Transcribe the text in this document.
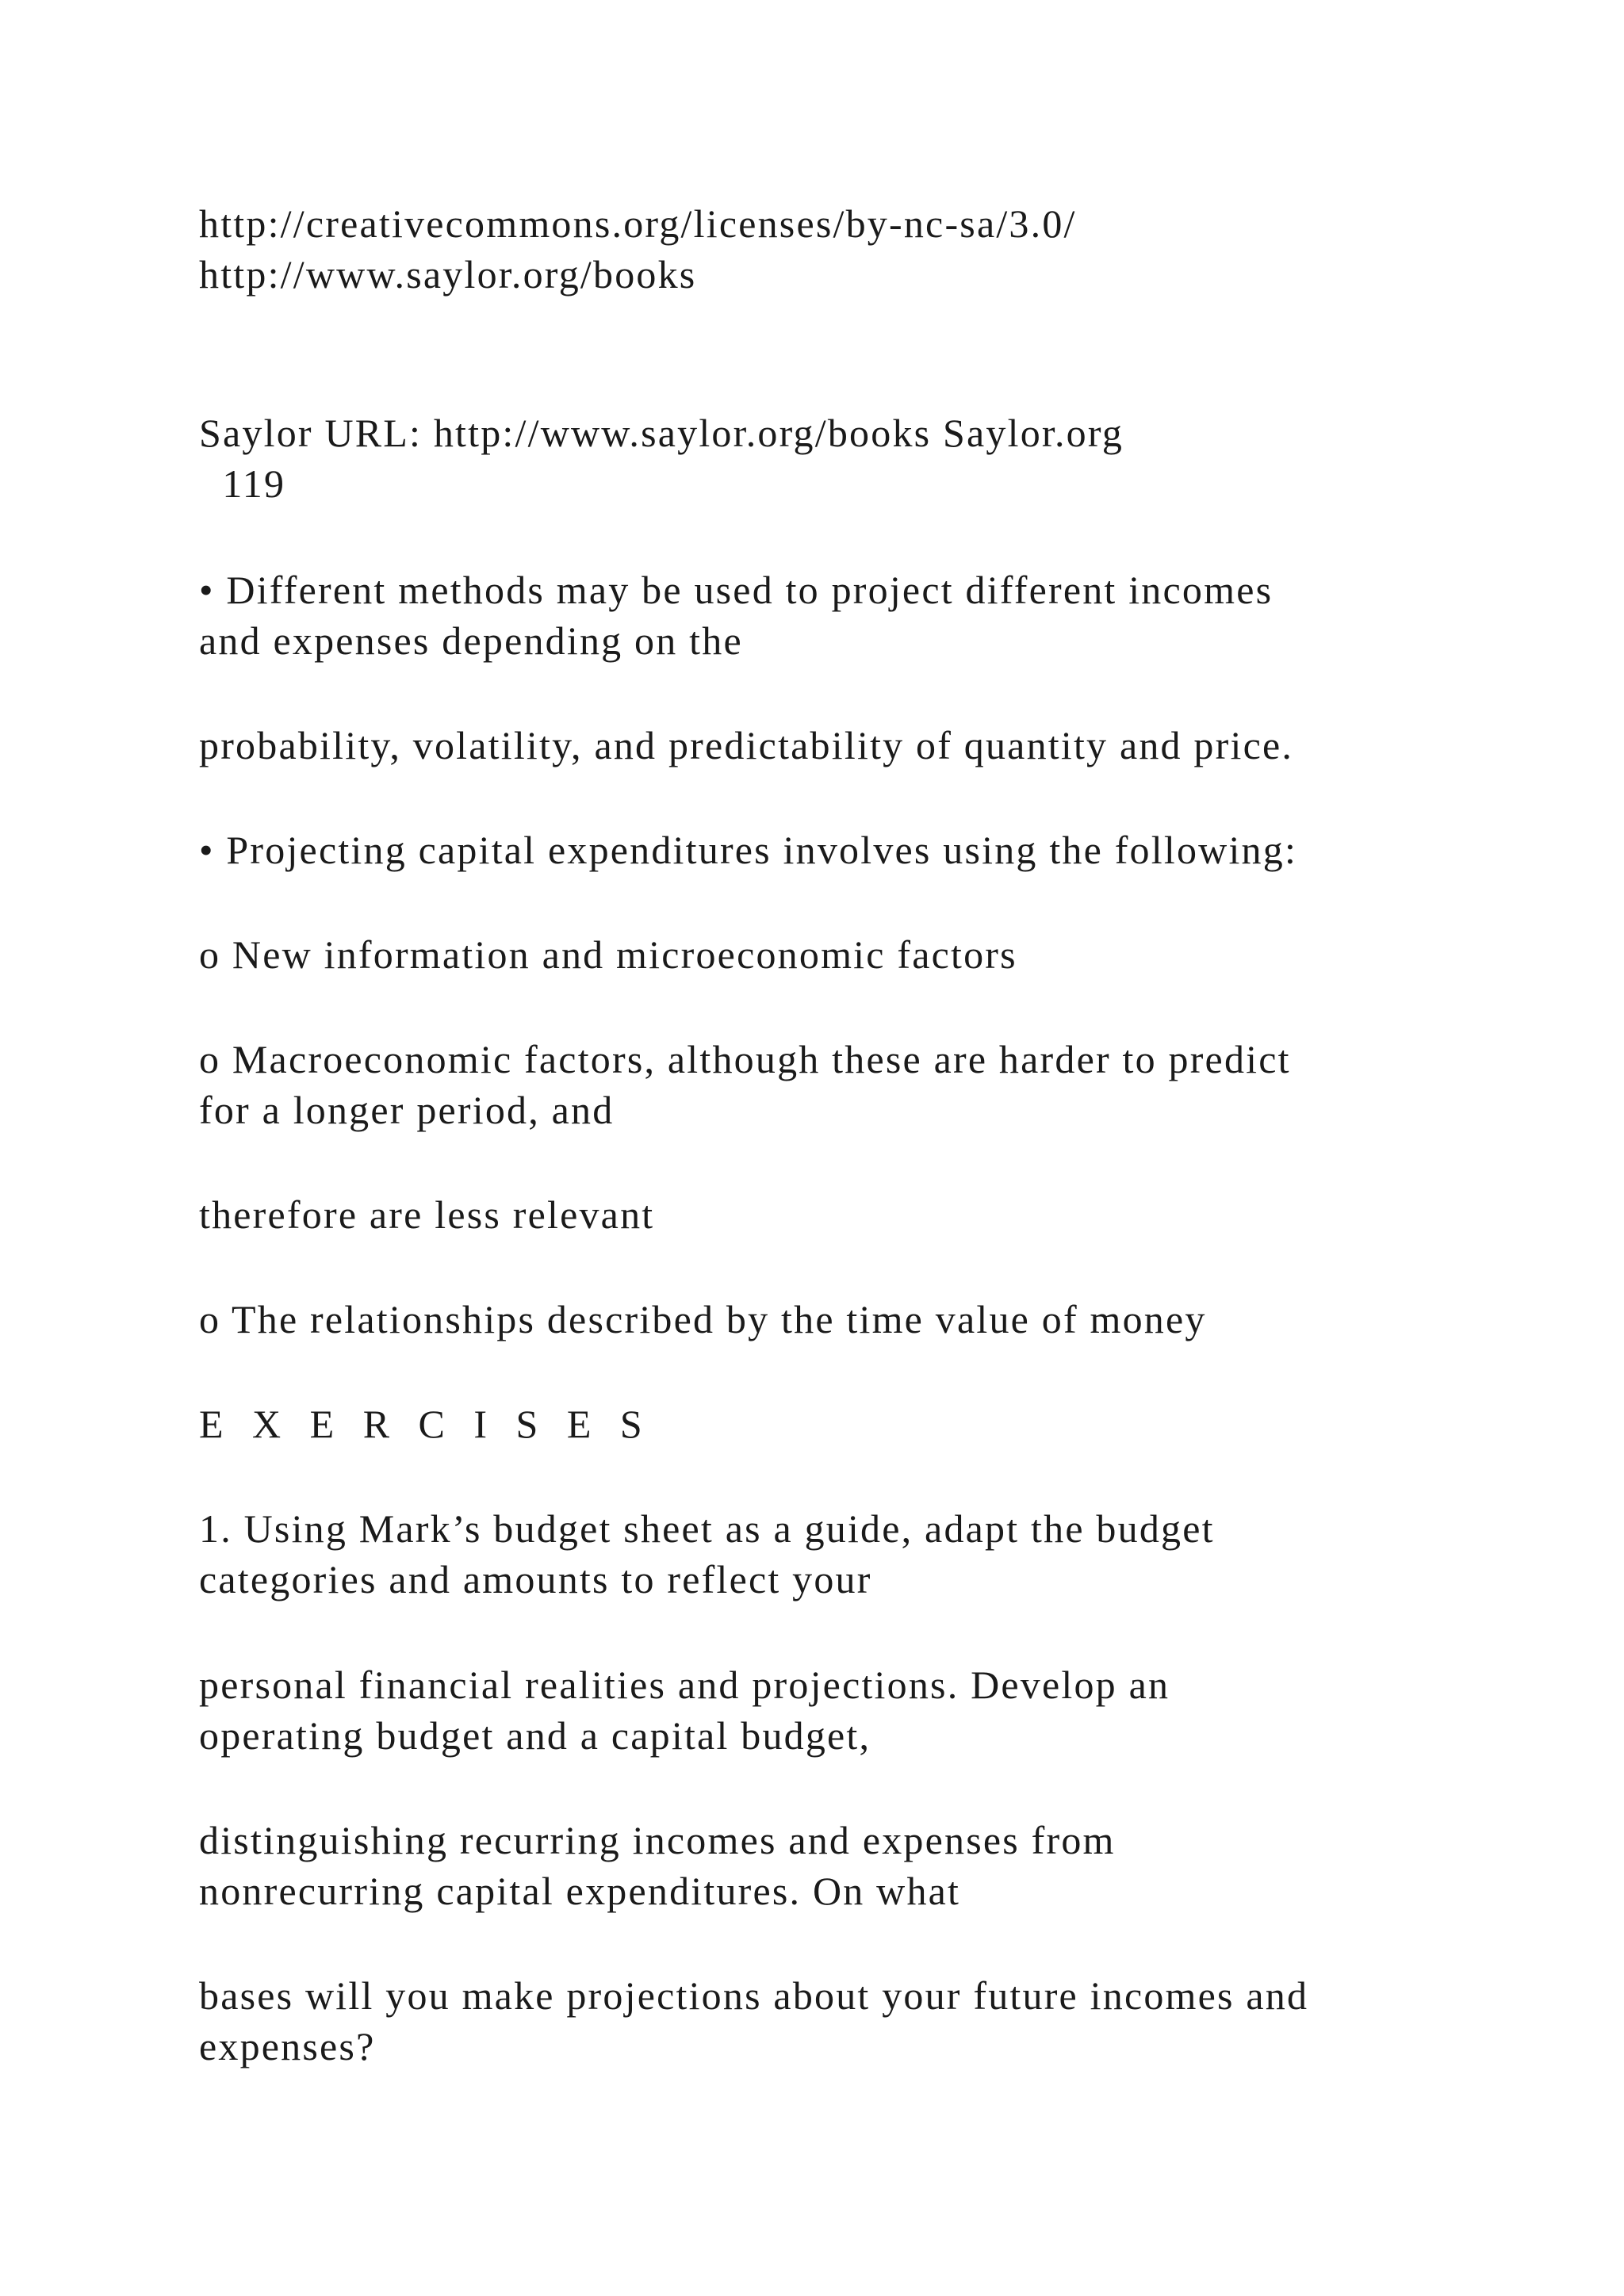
http://creativecommons.org/licenses/by-nc-sa/3.0/

http://www.saylor.org/books

Saylor URL: http://www.saylor.org/books Saylor.org

119

• Different methods may be used to project different incomes

and expenses depending on the

probability, volatility, and predictability of quantity and price.

• Projecting capital expenditures involves using the following:

o New information and microeconomic factors

o Macroeconomic factors, although these are harder to predict

for a longer period, and

therefore are less relevant

o The relationships described by the time value of money

E X E R C I S E S

1. Using Mark’s budget sheet as a guide, adapt the budget

categories and amounts to reflect your

personal financial realities and projections. Develop an

operating budget and a capital budget,

distinguishing recurring incomes and expenses from

nonrecurring capital expenditures. On what

bases will you make projections about your future incomes and

expenses?
